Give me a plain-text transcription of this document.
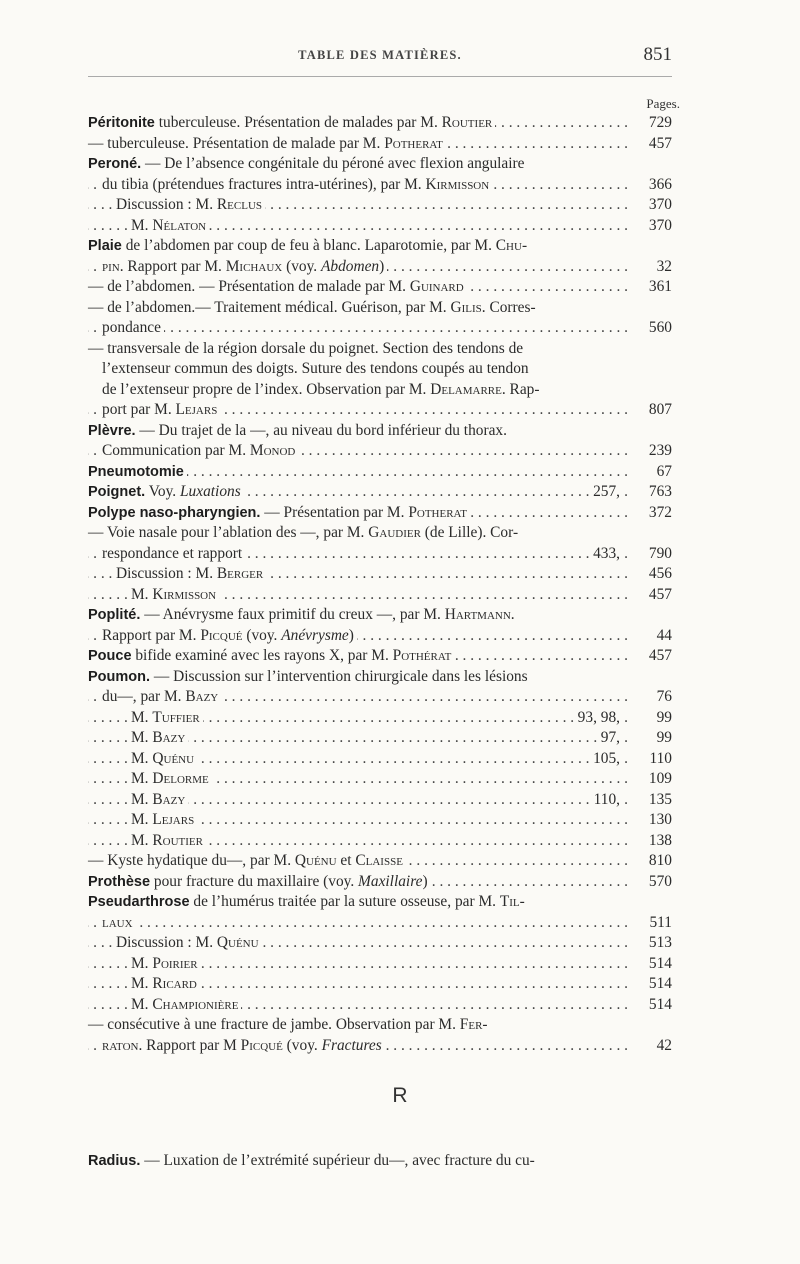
TABLE DES MATIÈRES.	851
Pages.
. . .
Péritonite tuberculeuse. Présentation de malades par M. Routier	729
. . .
— tuberculeuse. Présentation de malade par M. Potherat	457
Peroné. — De l’absence congénitale du péroné avec flexion angulaire
. . .
du tibia (prétendues fractures intra-utérines), par M. Kirmisson	366
. . .
Discussion : M. Reclus	370
. . .
M. Nélaton	370
Plaie de l’abdomen par coup de feu à blanc. Laparotomie, par M. Chu-
. . .
pin. Rapport par M. Michaux (voy. Abdomen)	32
. . .
— de l’abdomen. — Présentation de malade par M. Guinard	361
— de l’abdomen.— Traitement médical. Guérison, par M. Gilis. Corres-
. . .
pondance	560
— transversale de la région dorsale du poignet. Section des tendons de
l’extenseur commun des doigts. Suture des tendons coupés au tendon
de l’extenseur propre de l’index. Observation par M. Delamarre. Rap-
. . .
port par M. Lejars	807
Plèvre. — Du trajet de la —, au niveau du bord inférieur du thorax.
. . .
Communication par M. Monod	239
. . .
Pneumotomie	67
. . .
Poignet. Voy. Luxations	257, 763
. . .
Polype naso-pharyngien. — Présentation par M. Potherat	372
— Voie nasale pour l’ablation des —, par M. Gaudier (de Lille). Cor-
. . .
respondance et rapport	433, 790
. . .
Discussion : M. Berger	456
. . .
M. Kirmisson	457
Poplité. — Anévrysme faux primitif du creux —, par M. Hartmann.
. . .
Rapport par M. Picqué (voy. Anévrysme)	44
. . .
Pouce bifide examiné avec les rayons X, par M. Pothérat	457
Poumon. — Discussion sur l’intervention chirurgicale dans les lésions
. . .
du—, par M. Bazy	76
. . .
M. Tuffier	93, 98, 99
. . .
M. Bazy	97, 99
. . .
M. Quénu	105, 110
. . .
M. Delorme	109
. . .
M. Bazy	110, 135
. . .
M. Lejars	130
. . .
M. Routier	138
. . .
— Kyste hydatique du—, par M. Quénu et Claisse	810
. . .
Prothèse pour fracture du maxillaire (voy. Maxillaire)	570
Pseudarthrose de l’humérus traitée par la suture osseuse, par M. Til-
. . .
laux	511
. . .
Discussion : M. Quénu	513
. . .
M. Poirier	514
. . .
M. Ricard	514
. . .
M. Championière	514
— consécutive à une fracture de jambe. Observation par M. Fer-
. . .
raton. Rapport par M Picqué (voy. Fractures	42
R
Radius. — Luxation de l’extrémité supérieur du—, avec fracture du cu-
